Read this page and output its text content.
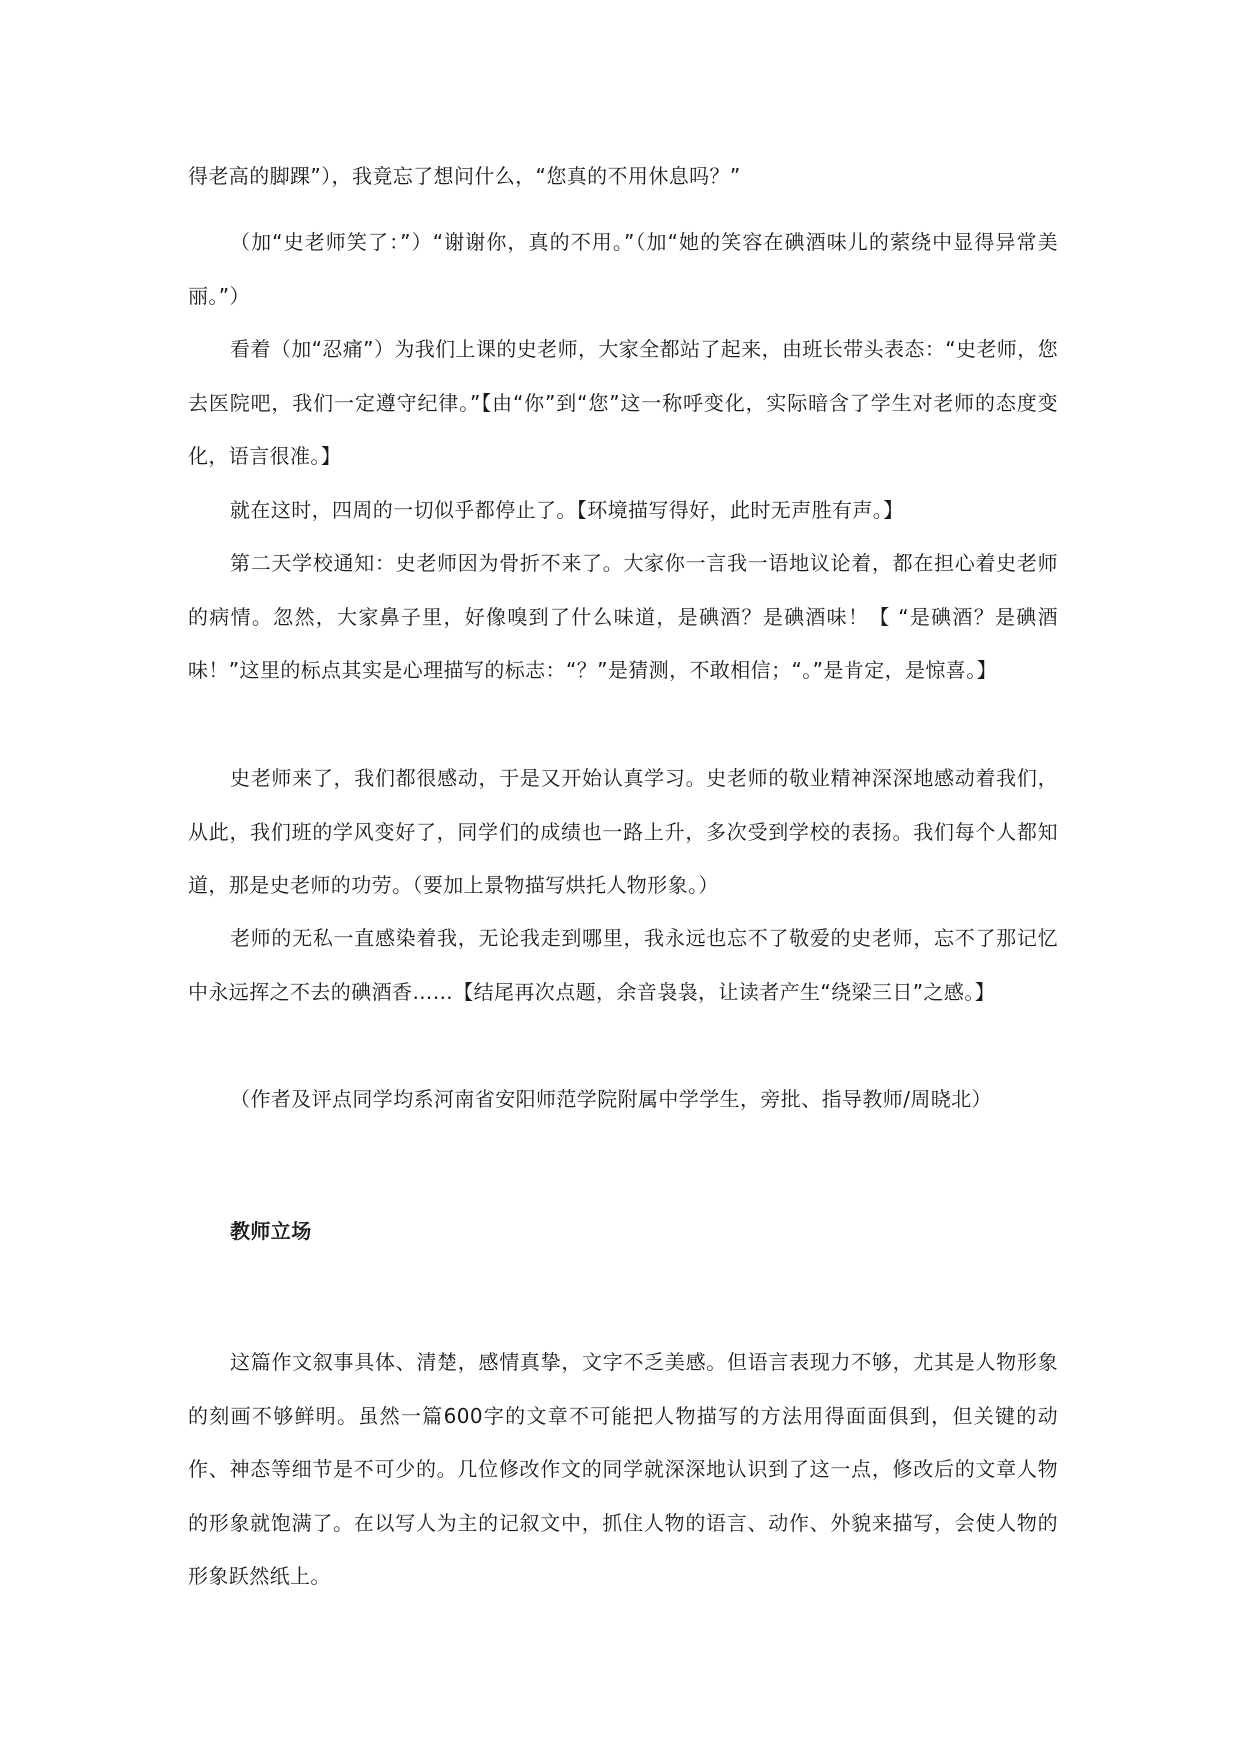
得老高的脚踝”），我竟忘了想问什么，“您真的不用休息吗？”

（加“史老师笑了：”）“谢谢你，真的不用。”（加“她的笑容在碘酒味儿的萦绕中显得异常美丽。”）

看着（加“忍痛”）为我们上课的史老师，大家全都站了起来，由班长带头表态：“史老师，您去医院吧，我们一定遵守纪律。”【由“你”到“您”这一称呼变化，实际暗含了学生对老师的态度变化，语言很准。】

就在这时，四周的一切似乎都停止了。【环境描写得好，此时无声胜有声。】

第二天学校通知：史老师因为骨折不来了。大家你一言我一语地议论着，都在担心着史老师的病情。忽然，大家鼻子里，好像嗅到了什么味道，是碘酒？是碘酒味！【 “是碘酒？是碘酒味！”这里的标点其实是心理描写的标志：“？”是猜测，不敢相信；“。”是肯定，是惊喜。】

史老师来了，我们都很感动，于是又开始认真学习。史老师的敬业精神深深地感动着我们，从此，我们班的学风变好了，同学们的成绩也一路上升，多次受到学校的表扬。我们每个人都知道，那是史老师的功劳。（要加上景物描写烘托人物形象。）

老师的无私一直感染着我，无论我走到哪里，我永远也忘不了敬爱的史老师，忘不了那记忆中永远挥之不去的碘酒香……【结尾再次点题，余音袅袅，让读者产生“绕梁三日”之感。】

（作者及评点同学均系河南省安阳师范学院附属中学学生，旁批、指导教师/周晓北）

教师立场

这篇作文叙事具体、清楚，感情真挚，文字不乏美感。但语言表现力不够，尤其是人物形象的刻画不够鲜明。虽然一篇600字的文章不可能把人物描写的方法用得面面俱到，但关键的动作、神态等细节是不可少的。几位修改作文的同学就深深地认识到了这一点，修改后的文章人物的形象就饱满了。在以写人为主的记叙文中，抓住人物的语言、动作、外貌来描写，会使人物的形象跃然纸上。
